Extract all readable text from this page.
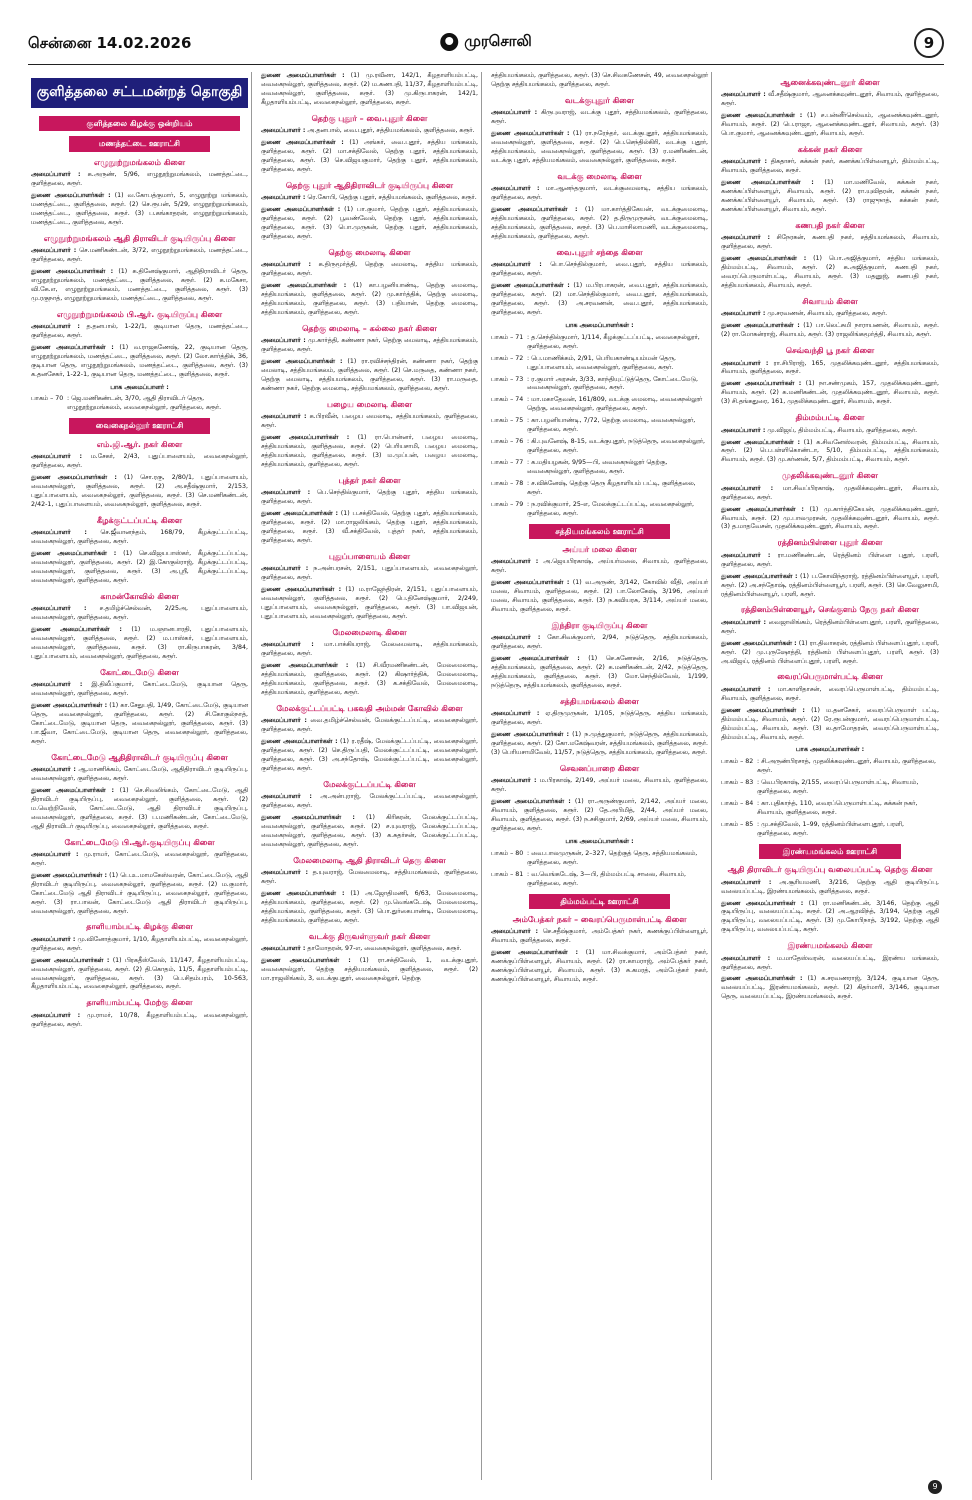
சென்னை 14.02.2026	முரசொலி	9
குளித்தலை சட்டமன்றத் தொகுதி
குளித்தலை கிழக்கு ஒன்றியம்
மணத்தட்டை ஊராட்சி
எழுநூற்றுமங்கலம் கிளை

அமைப்பாளர் : க.அருண், 5/96, எழுநூற்றுமங்கலம், மணத்தட்டை, குளித்தலை, கரூர்.

துணை அமைப்பாளர்கள் : (1) வ.கோபத்குமார், 5, எழுநூற்று மங்கலம், மணத்தட்டை, குளித்தலை, கரூர். (2) செ.ரூபன், 5/29, எழுநூற்றுமங்கலம், மணத்தட்டை, குளித்தலை, கரூர். (3) ப.கங்காதரன், எழுநூற்றுமங்கலம், மணத்தட்டை, குளித்தலை, கரூர்.

எழுநூற்றுமங்கலம் ஆதி திராவிடர் குடியிருப்பு கிளை

அமைப்பாளர் : செ.மணிகண்டன், 3/72, எழுநூற்றுமங்கலம், மணத்தட்டை, குளித்தலை, கரூர்.

துணை அமைப்பாளர்கள் : (1) க.தினேஷ்குமார், ஆதிதிராவிடர் தெரு, எழுநூற்றுமங்கலம், மணத்தட்டை, குளித்தலை, கரூர். (2) க.மகேசா, வி.கே.எ, எழுநூற்றுமங்கலம், மணத்தட்டை, குளித்தலை, கரூர். (3) மு.ரகுநாத், எழுநூற்றுமங்கலம், மணத்தட்டை, குளித்தலை, கரூர்.

எழுநூற்றுமங்கலம் பி.ஆர். குடியிருப்பு கிளை

அமைப்பாளர் : த.தனபால், 1-22/1, குடியான தெரு, மணத்தட்டை, குளித்தலை, கரூர்.

துணை அமைப்பாளர்கள் : (1) வ.ராஜகணேஷ், 22, குடியான தெரு, எழுநூற்றுமங்கலம், மணத்தட்டை, குளித்தலை, கரூர். (2) லோ.கார்த்திக், 36, குடியான தெரு, எழுநூற்றுமங்கலம், மணத்தட்டை, குளித்தலை, கரூர். (3) க.தனசேகர், 1-22-1, குடியான தெரு, மணத்தட்டை, குளித்தலை, கரூர்.

பாக அமைப்பாளர் :
பாகம் – 70 : ஜெ.மணிகண்டன், 3/70, ஆதி திராவிடர் தெரு, எழுநூற்றுமங்கலம், வைகைநல்லூர், குளித்தலை, கரூர்.
வைகைநல்லூர் ஊராட்சி
எம்.ஜி.ஆர். நகர் கிளை

அமைப்பாளர் : ம.சேகர், 2/43, புதுப்பாளையம், வைகைநல்லூர், குளித்தலை, கரூர்.

துணை அமைப்பாளர்கள் : (1) சொ.ரகு, 2/80/1, புதுப்பாளையம், வைகைநல்லூர், குளித்தலை, கரூர். (2) அ.சதீஷ்குமார், 2/153, புதுப்பாளையம், வைகைநல்லூர், குளித்தலை, கரூர். (3) செ.மணிகண்டன், 2/42-1, புதுப்பாளையம், வைகைநல்லூர், குளித்தலை, கரூர்.

கீழக்குட்டப்பட்டி கிளை

அமைப்பாளர் : செ.ஜீவானந்தம், 168/79, கீழக்குட்டப்பட்டி, வைகைநல்லூர், குளித்தலை, கரூர்.

துணை அமைப்பாளர்கள் : (1) செ.விஜயபாஸ்கர், கீழக்குட்டப்பட்டி, வைகைநல்லூர், குளித்தலை, கரூர். (2) இ.கோகுல்ராஜ், கீழக்குட்டப்பட்டி, வைகைநல்லூர், குளித்தலை, கரூர். (3) அ.ஸ்ரீ, கீழக்குட்டப்பட்டி, வைகைநல்லூர், குளித்தலை, கரூர்.

காமன்கோவில் கிளை

அமைப்பாளர் : ச.தமிழ்ச்செல்வன், 2/25அ, புதுப்பாளையம், வைகைநல்லூர், குளித்தலை, கரூர்.

துணை அமைப்பாளர்கள் : (1) ம.ஞானபாரதி, புதுப்பாளையம், வைகைநல்லூர், குளித்தலை, கரூர். (2) ம.பாஸ்கர், புதுப்பாளையம், வைகைநல்லூர், குளித்தலை, கரூர். (3) ரா.கிருபாகரன், 3/84, புதுப்பாளையம், வைகைநல்லூர், குளித்தலை, கரூர்.

கோட்டைமேடு கிளை

அமைப்பாளர் : இ.திலீப்குமார், கோட்டைமேடு, குடியான தெரு, வைகைநல்லூர், குளித்தலை, கரூர்.

துணை அமைப்பாளர்கள் : (1) கா.சேதுபதி, 1/49, கோட்டைமேடு, குடியான தெரு, வைகைநல்லூர், குளித்தலை, கரூர். (2) சி.கோகுல்நாத், கோட்டைமேடு, குடியான தெரு, வைகைநல்லூர், குளித்தலை, கரூர். (3) பா.ஜீவா, கோட்டைமேடு, குடியான தெரு, வைகைநல்லூர், குளித்தலை, கரூர்.

கோட்டைமேடு ஆதிதிராவிடர் குடியிருப்பு கிளை

அமைப்பாளர் : ஆ.மாணிக்கம், கோட்டைமேடு, ஆதிதிராவிடர் குடியிருப்பு, வைகைநல்லூர், குளித்தலை, கரூர்.

துணை அமைப்பாளர்கள் : (1) செ.சிவலிங்கம், கோட்டைமேடு, ஆதி திராவிடர் குடியிருப்பு, வைகைநல்லூர், குளித்தலை, கரூர். (2) ம.வெற்றிவேல், கோட்டைமேடு, ஆதி திராவிடர் குடியிருப்பு, வைகைநல்லூர், குளித்தலை, கரூர். (3) ப.மணிகண்டன், கோட்டைமேடு, ஆதி திராவிடர் குடியிருப்பு, வைகைநல்லூர், குளித்தலை, கரூர்.

கோட்டைமேடு பி.ஆர்.குடியிருப்பு கிளை

அமைப்பாளர் : மு.ராமர், கோட்டைமேடு, வைகைநல்லூர், குளித்தலை, கரூர்.

துணை அமைப்பாளர்கள் : (1) பெ.உ.மாமகேஸ்வரன், கோட்டைமேடு, ஆதி திராவிடர் குடியிருப்பு, வைகைநல்லூர், குளித்தலை, கரூர். (2) ம.குமார், கோட்டைமேடு ஆதி திராவிடர் குடியிருப்பு, வைகைநல்லூர், குளித்தலை, கரூர். (3) ரா.பாலன், கோட்டைமேடு ஆதி திராவிடர் குடியிருப்பு, வைகைநல்லூர், குளித்தலை, கரூர்.

தாளியாம்பட்டி கிழக்கு கிளை

அமைப்பாளர் : மு.வினோத்குமார், 1/10, கீழதாளியம்பட்டி, வைகைநல்லூர், குளித்தலை, கரூர்.

துணை அமைப்பாளர்கள் : (1) பிரகதீஸ்வேல், 11/147, கீழதாளியம்பட்டி, வைகைநல்லூர், குளித்தலை, கரூர். (2) தி.கொதம், 11/5, கீழதாளியம்பட்டி, வைகைநல்லூர், குளித்தலை, கரூர். (3) பெ.சிதம்பரம், 10-563, கீழதாளியம்பட்டி, வைகைநல்லூர், குளித்தலை, கரூர்.

தாளியாம்பட்டி மேற்கு கிளை

அமைப்பாளர் : மு.ராமர், 10/78, கீழதாளியம்பட்டி, வைகைநல்லூர், குளித்தலை, கரூர்.

துணை அமைப்பாளர்கள் : (1) மு.ரவீனா, 142/1, கீழதாளியம்பட்டி, வைகைநல்லூர், குளித்தலை, கரூர். (2) ம.கணபதி, 11/37, கீழதாளியம்பட்டி, வைகைநல்லூர், குளித்தலை, கரூர். (3) மு.கிருபாகரன், 142/1, கீழதாளியம்பட்டி, வைகைநல்லூர், குளித்தலை, கரூர்.

தெற்கு புதூர் – வை.புதூர் கிளை

அமைப்பாளர் : அ.தனபால், வை.புதூர், சத்தியமங்கலம், குளித்தலை, கரூர்.

துணை அமைப்பாளர்கள் : (1) அங்கர், வை.புதூர், சத்திய மங்கலம், குளித்தலை, கரூர். (2) மா.சக்திவேல், தெற்கு புதூர், சத்தியமங்கலம், குளித்தலை, கரூர். (3) செ.விஜயகுமார், தெற்கு புதூர், சத்தியமங்கலம், குளித்தலை, கரூர்.

தெற்கு புதூர் ஆதிதிராவிடர் குடியிருப்பு கிளை

அமைப்பாளர் : ரெ.கோபி, தெற்கு புதூர், சத்தியமங்கலம், குளித்தலை, கரூர்.

துணை அமைப்பாளர்கள் : (1) பா.குமார், தெற்கு புதூர், சத்தியமங்கலம், குளித்தலை, கரூர். (2) பூவண்வேல், தெற்கு புதூர், சத்தியமங்கலம், குளித்தலை, கரூர். (3) பொ.முருகன், தெற்கு புதூர், சத்தியமங்கலம், குளித்தலை, கரூர்.

தெற்கு மைலாடி கிளை

அமைப்பாளர் : க.திருமூர்த்தி, தெற்கு மைலாடி, சத்திய மங்கலம், குளித்தலை, கரூர்.

துணை அமைப்பாளர்கள் : (1) கா.பழனியாண்டி, தெற்கு மைலாடி, சத்தியமங்கலம், குளித்தலை, கரூர். (2) மு.கார்த்திக், தெற்கு மைலாடி, சத்தியமங்கலம், குளித்தலை, கரூர். (3) பதியான், தெற்கு மைலாடி, சத்தியமங்கலம், குளித்தலை, கரூர்.

தெற்கு மைலாடி – கல்லை நகர் கிளை

அமைப்பாளர் : மு.கார்த்தி, கண்ணா நகர், தெற்கு மைலாடி, சத்தியமங்கலம், குளித்தலை, கரூர்.

துணை அமைப்பாளர்கள் : (1) ரா.ரவிச்சந்திரன், கண்ணா நகர், தெற்கு மைலாடி, சத்தியமங்கலம், குளித்தலை, கரூர். (2) செ.மருதை, கண்ணா நகர், தெற்கு மைலாடி, சத்தியமங்கலம், குளித்தலை, கரூர். (3) ரா.மருதை, கண்ணா நகர், தெற்கு மைலாடி, சத்தியமங்கலம், குளித்தலை, கரூர்.

பழைய மைலாடி கிளை

அமைப்பாளர் : க.பிரவீன், பழைய மைலாடி, சத்தியமங்கலம், குளித்தலை, கரூர்.

துணை அமைப்பாளர்கள் : (1) ரா.பொன்னர், பழைய மைலாடி, சத்தியமங்கலம், குளித்தலை, கரூர். (2) பெரியசாமி, பழைய மைலாடி, சத்தியமங்கலம், குளித்தலை, கரூர். (3) ம.முப்பன், பழைய மைலாடி, சத்தியமங்கலம், குளித்தலை, கரூர்.

புத்தர் நகர் கிளை

அமைப்பாளர் : பெ.செந்தில்குமார், தெற்கு புதூர், சத்திய மங்கலம், குளித்தலை, கரூர்.

துணை அமைப்பாளர்கள் : (1) ப.சக்திவேல், தெற்கு புதூர், சத்தியமங்கலம், குளித்தலை, கரூர். (2) மா.ராஜலிங்கம், தெற்கு புதூர், சத்தியமங்கலம், குளித்தலை, கரூர். (3) வீ.சக்திவேல், புத்தர் நகர், சத்தியமங்கலம், குளித்தலை, கரூர்.

புதுப்பாளையம் கிளை

அமைப்பாளர் : ந.அன்பரசன், 2/151, புதுப்பாளையம், வைகைநல்லூர், குளித்தலை, கரூர்.

துணை அமைப்பாளர்கள் : (1) ம.ராஜேந்திரன், 2/151, புதுப்பாளையம், வைகைநல்லூர், குளித்தலை, கரூர். (2) பெ.தினேஷ்குமார், 2/249, புதுப்பாளையம், வைகைநல்லூர், குளித்தலை, கரூர். (3) பா.விஜயன், புதுப்பாளையம், வைகைநல்லூர், குளித்தலை, கரூர்.

மேலமைலாடி கிளை

அமைப்பாளர் : மா.பாக்கியராஜ், மேலமைலாடி, சத்தியமங்கலம், குளித்தலை, கரூர்.

துணை அமைப்பாளர்கள் : (1) சி.வீரமணிகண்டன், மேலமைலாடி, சத்தியமங்கலம், குளித்தலை, கரூர். (2) கிஷார்த்திக், மேலமைலாடி, சத்தியமங்கலம், குளித்தலை, கரூர். (3) க.சக்திவேல், மேலமைலாடி, சத்தியமங்கலம், குளித்தலை, கரூர்.

மேலக்குட்டப்பட்டி பகவதி அம்மன் கோவில் கிளை

அமைப்பாளர் : வை.தமிழ்ச்செல்வன், மேலக்குட்டப்பட்டி, வைகைநல்லூர், குளித்தலை, கரூர்.

துணை அமைப்பாளர்கள் : (1) ர.ரதீஷ், மேலக்குட்டப்பட்டி, வைகைநல்லூர், குளித்தலை, கரூர். (2) செ.திருப்பதி, மேலக்குட்டப்பட்டி, வைகைநல்லூர், குளித்தலை, கரூர். (3) அ.சந்தோஷ், மேலக்குட்டப்பட்டி, வைகைநல்லூர், குளித்தலை, கரூர்.

மேலக்குட்டப்பட்டி கிளை

அமைப்பாளர் : அ.அன்புராஜ், மேலக்குட்டப்பட்டி, வைகைநல்லூர், குளித்தலை, கரூர்.

துணை அமைப்பாளர்கள் : (1) கிரிகரன், மேலக்குட்டப்பட்டி, வைகைநல்லூர், குளித்தலை, கரூர். (2) ச.யுவராஜ், மேலக்குட்டப்பட்டி, வைகைநல்லூர், குளித்தலை, கரூர். (3) க.சுதர்சன், மேலக்குட்டப்பட்டி, வைகைநல்லூர், குளித்தலை, கரூர்.

மேலமைலாடி ஆதி திராவிடர் தெரு கிளை

அமைப்பாளர் : த.யுவராஜ், மேலமைலாடி, சத்தியமங்கலம், குளித்தலை, கரூர்.

துணை அமைப்பாளர்கள் : (1) அ.ஜோதிமணி, 6/63, மேலமைலாடி, சத்தியமங்கலம், குளித்தலை, கரூர். (2) மு.வெங்கடேஷ், மேலமைலாடி, சத்தியமங்கலம், குளித்தலை, கரூர். (3) பொ.துர்கைபாண்டி, மேலமைலாடி, சத்தியமங்கலம், குளித்தலை, கரூர்.

வடக்கு திருவள்ளுவர் நகர் கிளை

அமைப்பாளர் : தாமோதரன், 97-எ, வைகைநல்லூர், குளித்தலை, கரூர்.

துணை அமைப்பாளர்கள் : (1) ரா.சக்திவேல், 1, வடக்குபுதூர், வைகைநல்லூர், தெற்கு சத்தியமங்கலம், குளித்தலை, கரூர். (2) மா.ராஜலிங்கம், 3, வடக்குபுதூர், வைகைநல்லூர், தெற்கு

சத்தியமங்கலம், குளித்தலை, கரூர். (3) செ.சிவகணேசன், 49, வைகைநல்லூர் தெற்கு சத்தியமங்கலம், குளித்தலை, கரூர்.

வடக்குபுதூர் கிளை

அமைப்பாளர் : கிருபுவராஜ், வடக்கு புதூர், சத்தியமங்கலம், குளித்தலை, கரூர்.

துணை அமைப்பாளர்கள் : (1) ரா.நரேந்தர், வடக்குபுதூர், சத்தியமங்கலம், வைகைநல்லூர், குளித்தலை, கரூர். (2) பெ.செந்தில்கிரி, வடக்கு புதூர், சத்தியமங்கலம், வைகைநல்லூர், குளித்தலை, கரூர். (3) ர.மணிகண்டன், வடக்கு புதூர், சத்தியமங்கலம், வைகைநல்லூர், குளித்தலை, கரூர்.

வடக்கு மைலாடி கிளை

அமைப்பாளர் : மா.ஆனந்தகுமார், வடக்குமைலாடி, சத்திய மங்கலம், குளித்தலை, கரூர்.

துணை அமைப்பாளர்கள் : (1) மா.கார்த்திகேயன், வடக்குமைலாடி, சத்தியமங்கலம், குளித்தலை, கரூர். (2) த.திருமுருகன், வடக்குமைலாடி, சத்தியமங்கலம், குளித்தலை, கரூர். (3) பெ.மாசிலாமணி, வடக்குமைலாடி, சத்தியமங்கலம், குளித்தலை, கரூர்.

வை.புதூர் சந்தை கிளை

அமைப்பாளர் : பொ.செந்தில்குமார், வை.புதூர், சத்திய மங்கலம், குளித்தலை, கரூர்.

துணை அமைப்பாளர்கள் : (1) ம.பிரபாகரன், வை.புதூர், சத்தியமங்கலம், குளித்தலை, கரூர். (2) மா.செந்தில்குமார், வை.புதூர், சத்தியமங்கலம், குளித்தலை, கரூர். (3) அ.சரவணன், வை.புதூர், சத்தியமங்கலம், குளித்தலை, கரூர்.

பாக அமைப்பாளர்கள் :
பாகம் – 71 : த.செந்தில்குமார், 1/114, கீழக்குட்டப்பட்டி, வைகைநல்லூர், குளித்தலை, கரூர்.
பாகம் – 72 : பெ.மாணிக்கம், 2/91, பெரியகாண்டியம்மன் தெரு, புதுப்பாளையம், வைகைநல்லூர், குளித்தலை, கரூர்.
பாகம் – 73 : ர.குமார் அரசன், 3/33, காந்தியுட்டுத்தெரு, கோட்டைமேடு, வைகைநல்லூர், குளித்தலை, கரூர்.
பாகம் – 74 : மா.மகாதேவன், 161/809, வடக்கு மைலாடி, வைகைநல்லூர் தெற்கு, வைகைநல்லூர், குளித்தலை, கரூர்.
பாகம் – 75 : கா.பழனியாண்டி, 7/72, தெற்கு மைலாடி, வைகைநல்லூர், குளித்தலை, கரூர்.
பாகம் – 76 : கி.புவனேஷ், 8-15, வடக்குபுதூர், நடுத்தெரு, வைகைநல்லூர், குளித்தலை, கரூர்.
பாகம் – 77 : க.மதியழகன், 9/95—பி, வைகைநல்லூர் தெற்கு, வைகைநல்லூர், குளித்தலை, கரூர்.
பாகம் – 78 : ச.விக்னேஷ், தெற்கு தெரு கீழதாளியம் பட்டி, குளித்தலை, கரூர்.
பாகம் – 79 : ந.ரவிக்குமார், 25-எ, மேலக்குட்டப்பட்டி, வைகைநல்லூர், குளித்தலை, கரூர்.
சத்தியமங்கலம் ஊராட்சி
அய்யர் மலை கிளை

அமைப்பாளர் : அ.ஜெயபிரகாஷ், அய்யர்மலை, சிவாயம், குளித்தலை, கரூர்.

துணை அமைப்பாளர்கள் : (1) வ.அருண், 3/142, கோவில் வீதி, அய்யர் மலை, சிவாயம், குளித்தலை, கரூர். (2) பா.லோகேஷ், 3/196, அய்யர் மலை, சிவாயம், குளித்தலை, கரூர். (3) ந.கவியரசு, 3/114, அய்யர் மலை, சிவாயம், குளித்தலை, கரூர்.

இந்திரா குடியிருப்பு கிளை

அமைப்பாளர் : கோ.சிவக்குமார், 2/94, நடுத்தெரு, சத்தியமங்கலம், குளித்தலை, கரூர்.

துணை அமைப்பாளர்கள் : (1) செ.கணேசன், 2/16, நடுத்தெரு, சத்தியமங்கலம், குளித்தலை, கரூர். (2) க.மணிகண்டன், 2/42, நடுத்தெரு, சத்தியமங்கலம், குளித்தலை, கரூர். (3) மோ.செந்தில்வேல், 1/199, நடுத்தெரு, சத்தியமங்கலம், குளித்தலை, கரூர்.

சத்தியமங்கலம் கிளை

அமைப்பாளர் : ஏ.திருமுருகன், 1/105, நடுத்தெரு, சத்திய மங்கலம், குளித்தலை, கரூர்.

துணை அமைப்பாளர்கள் : (1) ந.முத்துகுமார், நடுத்தெரு, சத்தியமங்கலம், குளித்தலை, கரூர். (2) கோ.மகேஷ்வரன், சத்தியமங்கலம், குளித்தலை, கரூர். (3) பெரியசாமிவேல், 11/57, நடுத்தெரு, சத்தியமங்கலம், குளித்தலை, கரூர்.

செவனப்பாறை கிளை

அமைப்பாளர் : ம.பிரகாஷ், 2/149, அய்யர் மலை, சிவாயம், குளித்தலை, கரூர்.

துணை அமைப்பாளர்கள் : (1) ரா.அருண்குமார், 2/142, அய்யர் மலை, சிவாயம், குளித்தலை, கரூர். (2) தே.அபிமித், 2/44, அய்யர் மலை, சிவாயம், குளித்தலை, கரூர். (3) ந.சசிகுமார், 2/69, அய்யர் மலை, சிவாயம், குளித்தலை, கரூர்.

பாக அமைப்பாளர்கள் :
பாகம் – 80 : வை.பாலமுருகன், 2–327, தெற்குத் தெரு, சத்தியமங்கலம், குளித்தலை, கரூர்.
பாகம் – 81 : வ.வெங்கடேஷ், 3—பி, திம்மம்பட்டி சாலை, சிவாயம், குளித்தலை, கரூர்.
திம்மம்பட்டி ஊராட்சி
அம்பேத்கர் நகர் – வைரப்பெருமாள்பட்டி கிளை

அமைப்பாளர் : செ.சதீஷ்குமார், அம்பேத்கர் நகர், கணக்குப்பிள்ளையூர், சிவாயம், குளித்தலை, கரூர்.

துணை அமைப்பாளர்கள் : (1) மா.சிவக்குமார், அம்பேத்கர் நகர், கணக்குப்பிள்ளையூர், சிவாயம், கரூர். (2) ரா.காமராஜ், அம்பேத்கர் நகர், கணக்குப்பிள்ளையூர், சிவாயம், கரூர். (3) சு.கமரத், அம்பேத்கர் நகர், கணக்குப்பிள்ளையூர், சிவாயம், கரூர்.

ஆனைக்கவுண்டனூர் கிளை

அமைப்பாளர் : வீ.சதீஷ்குமார், ஆனைக்கவுண்டனூர், சிவாயம், குளித்தலை, கரூர்.

துணை அமைப்பாளர்கள் : (1) ச.பன்னீர்செல்வம், ஆனைக்கவுண்டனூர், சிவாயம், கரூர். (2) பெ.ராஜா, ஆனைக்கவுண்டனூர், சிவாயம், கரூர். (3) பொ.குமார், ஆனைக்கவுண்டனூர், சிவாயம், கரூர்.

கக்கன் நகர் கிளை

அமைப்பாளர் : திகதாசர், கக்கன் நகர், கணக்கப்பிள்ளையூர், திம்மம்பட்டி, சிவாயம், குளித்தலை, கரூர்.

துணை அமைப்பாளர்கள் : (1) மா.மணிவேல், கக்கன் நகர், கணக்கப்பிள்ளையூர், சிவாயம், கரூர். (2) ரா.யுவிதரன், கக்கன் நகர், கணக்கப்பிள்ளையூர், சிவாயம், கரூர். (3) ராஜுநாத், கக்கன் நகர், கணக்கப்பிள்ளையூர், சிவாயம், கரூர்.

கணபதி நகர் கிளை

அமைப்பாளர் : சிநேரகன், கணபதி நகர், சத்தியமங்கலம், சிவாயம், குளித்தலை, கரூர்.

துணை அமைப்பாளர்கள் : (1) பொ.அஜித்குமார், சத்திய மங்கலம், திம்மம்பட்டி, சிவாயம், கரூர். (2) க.அஜித்குமார், கணபதி நகர், வைரப்பெருமாள்பட்டி, சிவாயம், கரூர். (3) மதனுஜ், கணபதி நகர், சத்தியமங்கலம், சிவாயம், கரூர்.

சிவாயம் கிளை

அமைப்பாளர் : மு.சரவணன், சிவாயம், குளித்தலை, கரூர்.

துணை அமைப்பாளர்கள் : (1) பா.லெட்சுமி நாராயணன், சிவாயம், கரூர். (2) ரா.மோகன்ராஜ், சிவாயம், கரூர். (3) ராஜலிங்கமூர்த்தி, சிவாயம், கரூர்.

செவ்வந்தி பூ நகர் கிளை

அமைப்பாளர் : ரா.சிபிராஜ், 165, முதலிக்கவுண்டனூர், சத்தியமங்கலம், சிவாயம், குளித்தலை, கரூர்.

துணை அமைப்பாளர்கள் : (1) நா.சண்முகம், 157, முதலிக்கவுண்டனூர், சிவாயம், கரூர். (2) க.மணிகண்டன், முதலிக்கவுண்டனூர், சிவாயம், கரூர். (3) சி.தங்கதுரை, 161, முதலிக்கவுண்டனூர், சிவாயம், கரூர்.

திம்மம்பட்டி கிளை

அமைப்பாளர் : மு.விஜய், திம்மம்பட்டி, சிவாயம், குளித்தலை, கரூர்.

துணை அமைப்பாளர்கள் : (1) க.சிவனேஸ்வரன், திம்மம்பட்டி, சிவாயம், கரூர். (2) பெ.பள்ளிகொண்டா, 5/10, திம்மம்பட்டி, சத்தியமங்கலம், சிவாயம், கரூர். (3) மு.கர்ணன், 5/7, திம்மம்பட்டி, சிவாயம், கரூர்.

முதலிக்கவுண்டனூர் கிளை

அமைப்பாளர் : மா.சிவப்பிரகாஷ், முதலிக்கவுண்டனூர், சிவாயம், குளித்தலை, கரூர்.

துணை அமைப்பாளர்கள் : (1) மு.கார்த்திகேயன், முதலிக்கவுண்டனூர், சிவாயம், கரூர். (2) மு.பாலமுரசன், முதலிக்கவுண்டனூர், சிவாயம், கரூர். (3) த.மாதவேசன், முதலிக்கவுண்டனூர், சிவாயம், கரூர்.

ரத்தினம்பிள்ளை புதூர் கிளை

அமைப்பாளர் : ரா.மணிகண்டன், ரெத்தினம் பிள்ளை புதூர், பரளி, குளித்தலை, கரூர்.

துணை அமைப்பாளர்கள் : (1) ப.கோவிந்தராஜ், ரத்தினம்பிள்ளையூர், பரளி, கரூர். (2) அ.சந்தோஷ், ரத்தினம்பிள்ளையூர், பரளி, கரூர். (3) செ.வேலுசாமி, ரத்தினம்பிள்ளையூர், பரளி, கரூர்.

ரத்தினம்பிள்ளையூர், செங்குளம் நேரு நகர் கிளை

அமைப்பாளர் : வைஜாலிங்கம், ரெத்தினம்பிள்ளைபுதூர், பரளி, குளித்தலை, கரூர்.

துணை அமைப்பாளர்கள் : (1) ரா.திவாகரன், ரத்தினம் பிள்ளைப்புதூர், பரளி, கரூர். (2) மு.புருஷோத்தி, ரத்தினம் பிள்ளைப்புதூர், பரளி, கரூர். (3) அ.விஜய், ரத்தினம் பிள்ளைப்புதூர், பரளி, கரூர்.

வைரப்பெருமாள்பட்டி கிளை

அமைப்பாளர் : மா.காளிதாசன், வைரப்பெருமாள்பட்டி, திம்மம்பட்டி, சிவாயம், குளித்தலை, கரூர்.

துணை அமைப்பாளர்கள் : (1) ம.தனசேகர், வைரப்பெருமாள் பட்டி, திம்மம்பட்டி, சிவாயம், கரூர். (2) ரே.ரூபன்குமார், வைரப்பெருமாள்பட்டி, திம்மம்பட்டி, சிவாயம், கரூர். (3) ல.தாமோதரன், வைரப்பெருமாள்பட்டி, திம்மம்பட்டி, சிவாயம், கரூர்.

பாக அமைப்பாளர்கள் :
பாகம் – 82 : சி.அருண்பிரசாத், முதலிக்கவுண்டனூர், சிவாயம், குளித்தலை, கரூர்.
பாகம் – 83 : வெ.பிரகாஷ், 2/155, வைரப்பெருமாள்பட்டி, சிவாயம், குளித்தலை, கரூர்.
பாகம் – 84 : கா.புதிகாந்த், 110, வைரப்பெருமாள்பட்டி, கக்கன் நகர், சிவாயம், குளித்தலை, கரூர்.
பாகம் – 85 : மு.சக்திவேல், 1–99, ரத்தினம்பிள்ளைபுதூர், பரளி, குளித்தலை, கரூர்.
இரண்யமங்கலம் ஊராட்சி
ஆதி திராவிடர் குடியிருப்பு வலையப்பட்டி தெற்கு கிளை

அமைப்பாளர் : அ.சூரியமணி, 3/216, தெற்கு ஆதி குடியிருப்பு, வலையப்பட்டி, இரண்யமங்கலம், குளித்தலை, கரூர்.

துணை அமைப்பாளர்கள் : (1) ரா.மணிகண்டன், 3/146, தெற்கு ஆதி குடியிருப்பு, வலையப்பட்டி, கரூர். (2) அ.ஆரவிந்த், 3/194, தெற்கு ஆதி குடியிருப்பு, வலையப்பட்டி, கரூர். (3) மு.கோபிநாத், 3/192, தெற்கு ஆதி குடியிருப்பு, வலையப்பட்டி, கரூர்.

இரண்யமங்கலம் கிளை

அமைப்பாளர் : ம.மாதேஸ்வரன், வலையப்பட்டி, இரண்ய மங்கலம், குளித்தலை, கரூர்.

துணை அமைப்பாளர்கள் : (1) க.சரவணராஜ், 3/124, குடியான தெரு, வலையப்பட்டி, இரண்யமங்கலம், கரூர். (2) கிதர்மாரி, 3/146, குடியான தெரு, வலையப்பட்டி, இரண்யமங்கலம், கரூர்.

9
